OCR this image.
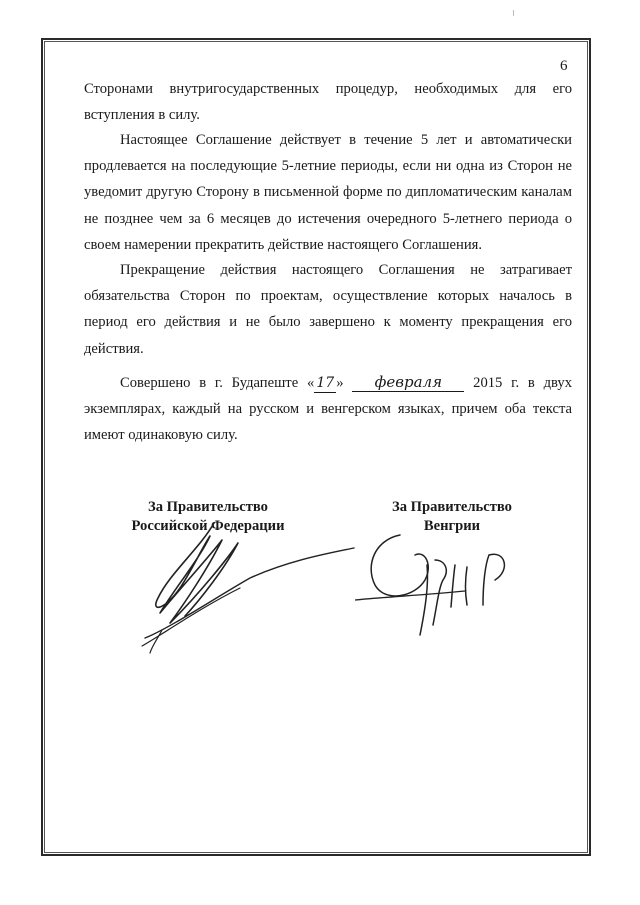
6

Сторонами внутригосударственных процедур, необходимых для его вступления в силу.

Настоящее Соглашение действует в течение 5 лет и автоматически продлевается на последующие 5-летние периоды, если ни одна из Сторон не уведомит другую Сторону в письменной форме по дипломатическим каналам не позднее чем за 6 месяцев до истечения очередного 5-летнего периода о своем намерении прекратить действие настоящего Соглашения.

Прекращение действия настоящего Соглашения не затрагивает обязательства Сторон по проектам, осуществление которых началось в период его действия и не было завершено к моменту прекращения его действия.

Совершено в г. Будапеште « 17 » февраля 2015 г. в двух экземплярах, каждый на русском и венгерском языках, причем оба текста имеют одинаковую силу.

За Правительство
Российской Федерации
За Правительство
Венгрии
